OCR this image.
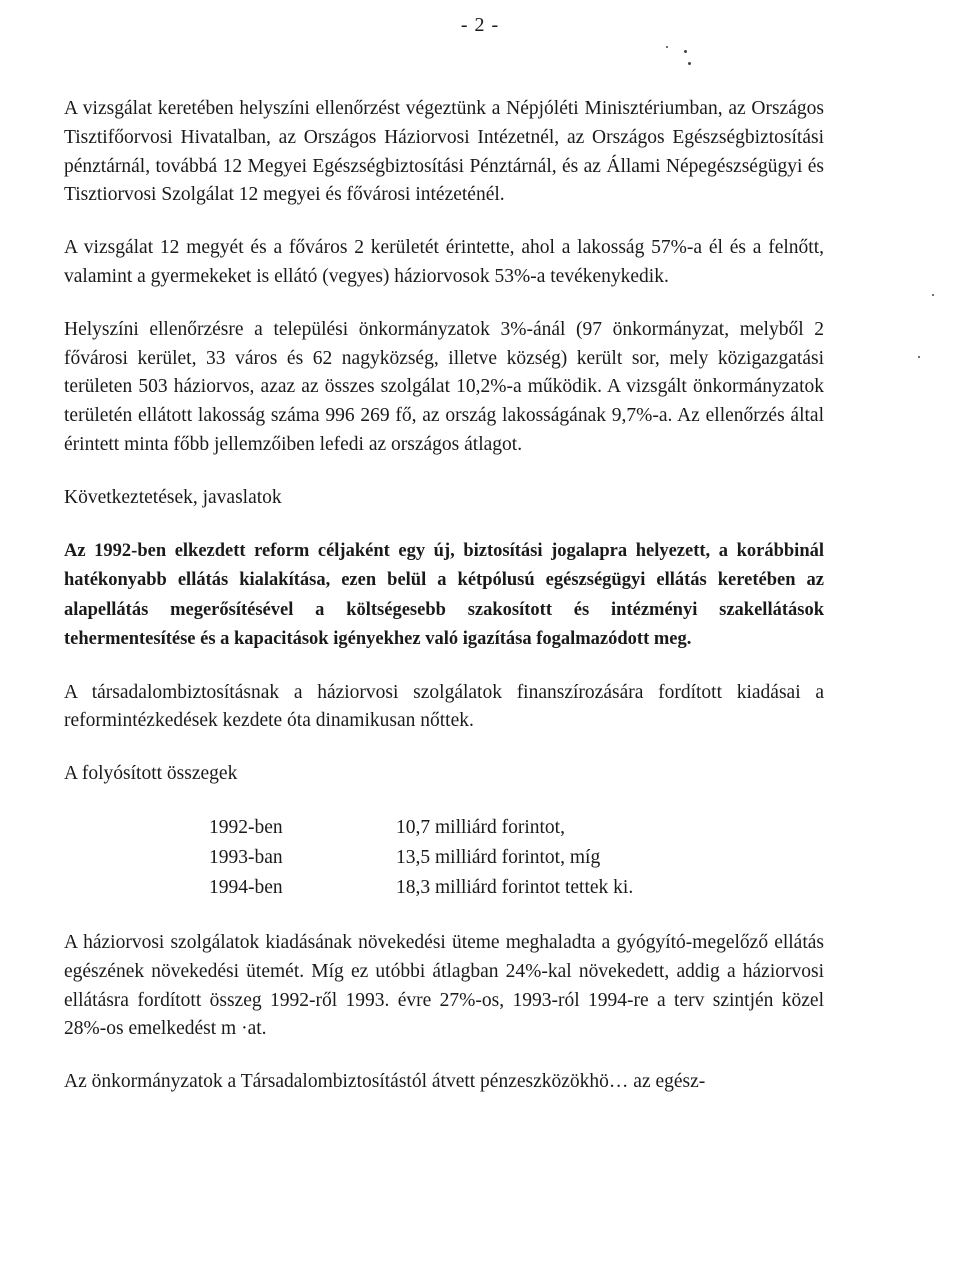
- 2 -

A vizsgálat keretében helyszíni ellenőrzést végeztünk a Népjóléti Minisztériumban, az Országos Tisztifőorvosi Hivatalban, az Országos Háziorvosi Intézetnél, az Országos Egészségbiztosítási pénztárnál, továbbá 12 Megyei Egészségbiztosítási Pénztárnál, és az Állami Népegészségügyi és Tisztiorvosi Szolgálat 12 megyei és fővárosi intézeténél.

A vizsgálat 12 megyét és a főváros 2 kerületét érintette, ahol a lakosság 57%-a él és a felnőtt, valamint a gyermekeket is ellátó (vegyes) háziorvosok 53%-a tevékenykedik.

Helyszíni ellenőrzésre a települési önkormányzatok 3%-ánál (97 önkormányzat, melyből 2 fővárosi kerület, 33 város és 62 nagyközség, illetve község) került sor, mely közigazgatási területen 503 háziorvos, azaz az összes szolgálat 10,2%-a működik. A vizsgált önkormányzatok területén ellátott lakosság száma 996 269 fő, az ország lakosságának 9,7%-a. Az ellenőrzés által érintett minta főbb jellemzőiben lefedi az országos átlagot.

Következtetések, javaslatok

Az 1992-ben elkezdett reform céljaként egy új, biztosítási jogalapra helyezett, a korábbinál hatékonyabb ellátás kialakítása, ezen belül a kétpólusú egészségügyi ellátás keretében az alapellátás megerősítésével a költségesebb szakosított és intézményi szakellátások tehermentesítése és a kapacitások igényekhez való igazítása fogalmazódott meg.

A társadalombiztosításnak a háziorvosi szolgálatok finanszírozására fordított kiadásai a reformintézkedések kezdete óta dinamikusan nőttek.

A folyósított összegek

1992-ben	10,7 milliárd forintot,
1993-ban	13,5 milliárd forintot, míg
1994-ben	18,3 milliárd forintot tettek ki.

A háziorvosi szolgálatok kiadásának növekedési üteme meghaladta a gyógyító-megelőző ellátás egészének növekedési ütemét. Míg ez utóbbi átlagban 24%-kal növekedett, addig a háziorvosi ellátásra fordított összeg 1992-ről 1993. évre 27%-os, 1993-ról 1994-re a terv szintjén közel 28%-os emelkedést m ·at.

Az önkormányzatok a Társadalombiztosítástól átvett pénzeszközökhö… az egész-
